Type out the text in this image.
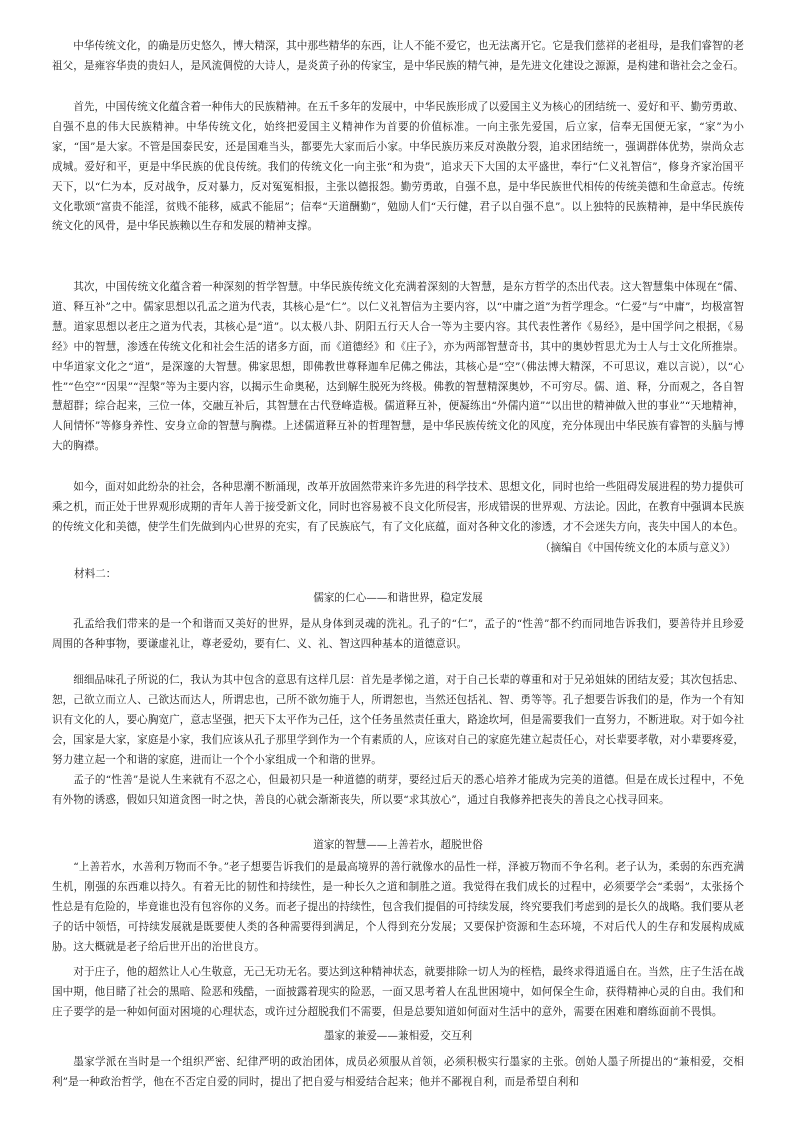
中华传统文化，的确是历史悠久，博大精深，其中那些精华的东西，让人不能不爱它，也无法离开它。它是我们慈祥的老祖母，是我们睿智的老祖父，是雍容华贵的贵妇人，是风流倜傥的大诗人，是炎黄子孙的传家宝，是中华民族的精气神，是先进文化建设之源源，是构建和谐社会之金石。

首先，中国传统文化蕴含着一种伟大的民族精神。在五千多年的发展中，中华民族形成了以爱国主义为核心的团结统一、爱好和平、勤劳勇敢、自强不息的伟大民族精神。中华传统文化，始终把爱国主义精神作为首要的价值标准。一向主张先爱国，后立家，信奉无国便无家，“家”为小家，“国”是大家。不管是国泰民安，还是国难当头，都要先大家而后小家。中华民族历来反对涣散分裂，追求团结统一，强调群体优势，崇尚众志成城。爱好和平，更是中华民族的优良传统。我们的传统文化一向主张“和为贵”，追求天下大国的太平盛世，奉行“仁义礼智信”，修身齐家治国平天下，以“仁为本，反对战争，反对暴力，反对冤冤相报，主张以德报怨。勤劳勇敢，自强不息，是中华民族世代相传的传统美德和生命意志。传统文化歌颂“富贵不能淫，贫贱不能移，威武不能屈”；信奉“天道酬勤”，勉励人们“天行健，君子以自强不息”。以上独特的民族精神，是中华民族传统文化的风骨，是中华民族赖以生存和发展的精神支撑。

其次，中国传统文化蕴含着一种深刻的哲学智慧。中华民族传统文化充满着深刻的大智慧，是东方哲学的杰出代表。这大智慧集中体现在“儒、道、释互补”之中。儒家思想以孔孟之道为代表，其核心是“仁”。以仁义礼智信为主要内容，以“中庸之道”为哲学理念。“仁爱”与“中庸”，均极富智慧。道家思想以老庄之道为代表，其核心是“道”。以太极八卦、阴阳五行天人合一等为主要内容。其代表性著作《易经》，是中国学问之根据，《易经》中的智慧，渗透在传统文化和社会生活的诸多方面，而《道德经》和《庄子》，亦为两部智慧奇书，其中的奥妙哲思尤为士人与士文化所推崇。中华道家文化之“道”，是深邃的大智慧。佛家思想，即佛教世尊释迦牟尼佛之佛法，其核心是“空”（佛法博大精深，不可思议，难以言说），以“心性”“色空”“因果”“涅槃”等为主要内容，以揭示生命奥秘，达到解生脱死为终极。佛教的智慧精深奥妙，不可穷尽。儒、道、释，分而观之，各自智慧超群；综合起来，三位一体，交融互补后，其智慧在古代登峰造极。儒道释互补，便凝练出“外儒内道”“以出世的精神做入世的事业”“天地精神，人间情怀”等修身养性、安身立命的智慧与胸襟。上述儒道释互补的哲理智慧，是中华民族传统文化的风度，充分体现出中华民族有睿智的头脑与博大的胸襟。

如今，面对如此纷杂的社会，各种思潮不断涌现，改革开放固然带来许多先进的科学技术、思想文化，同时也给一些阻碍发展进程的势力提供可乘之机，而正处于世界观形成期的青年人善于接受新文化，同时也容易被不良文化所侵害，形成错误的世界观、方法论。因此，在教育中强调本民族的传统文化和美德，使学生们先做到内心世界的充实，有了民族底气，有了文化底蕴，面对各种文化的渗透，才不会迷失方向，丧失中国人的本色。

（摘编自《中国传统文化的本质与意义》）

材料二：

儒家的仁心——和谐世界，稳定发展

孔孟给我们带来的是一个和谐而又美好的世界，是从身体到灵魂的洗礼。孔子的“仁”，孟子的“性善”都不约而同地告诉我们，要善待并且珍爱周围的各种事物，要谦虚礼让，尊老爱幼，要有仁、义、礼、智这四种基本的道德意识。

细细品味孔子所说的仁，我认为其中包含的意思有这样几层：首先是孝悌之道，对于自己长辈的尊重和对于兄弟姐妹的团结友爱；其次包括忠、恕，己欲立而立人、己欲达而达人，所谓忠也，己所不欲勿施于人，所谓恕也，当然还包括礼、智、勇等等。孔子想要告诉我们的是，作为一个有知识有文化的人，要心胸宽广，意志坚强，把天下太平作为己任，这个任务虽然责任重大，路途坎坷，但是需要我们一直努力，不断进取。对于如今社会，国家是大家，家庭是小家，我们应该从孔子那里学到作为一个有素质的人，应该对自己的家庭先建立起责任心，对长辈要孝敬，对小辈要疼爱，努力建立起一个和谐的家庭，进而让一个个小家组成一个和谐的世界。

孟子的“性善”是说人生来就有不忍之心，但最初只是一种道德的萌芽，要经过后天的悉心培养才能成为完美的道德。但是在成长过程中，不免有外物的诱惑，假如只知道贪图一时之快，善良的心就会渐渐丧失，所以要“求其放心”，通过自我修养把丧失的善良之心找寻回来。

道家的智慧——上善若水，超脱世俗

“上善若水，水善利万物而不争。”老子想要告诉我们的是最高境界的善行就像水的品性一样，泽被万物而不争名利。老子认为，柔弱的东西充满生机，刚强的东西难以持久。有着无比的韧性和持续性，是一种长久之道和制胜之道。我觉得在我们成长的过程中，必须要学会“柔弱”，太张扬个性总是有危险的，毕竟谁也没有包容你的义务。而老子提出的持续性，包含我们提倡的可持续发展，终究要我们考虑到的是长久的战略。我们要从老子的话中领悟，可持续发展就是既要使人类的各种需要得到满足，个人得到充分发展；又要保护资源和生态环境，不对后代人的生存和发展构成威胁。这大概就是老子给后世开出的治世良方。

对于庄子，他的超然让人心生敬意，无己无功无名。要达到这种精神状态，就要排除一切人为的桎梏，最终求得逍遥自在。当然，庄子生活在战国中期，他目睹了社会的黑暗、险恶和残酷，一面披露着现实的险恶，一面又思考着人在乱世困境中，如何保全生命，获得精神心灵的自由。我们和庄子要学的是一种如何面对困境的心理状态，或许过分超脱我们不需要，但是总要知道如何面对生活中的意外，需要在困难和磨练面前不畏惧。

墨家的兼爱——兼相爱，交互利

墨家学派在当时是一个组织严密、纪律严明的政治团体，成员必须服从首领，必须积极实行墨家的主张。创始人墨子所提出的“兼相爱，交相利”是一种政治哲学，他在不否定自爱的同时，提出了把自爱与相爱结合起来；他并不鄙视自利，而是希望自利和
